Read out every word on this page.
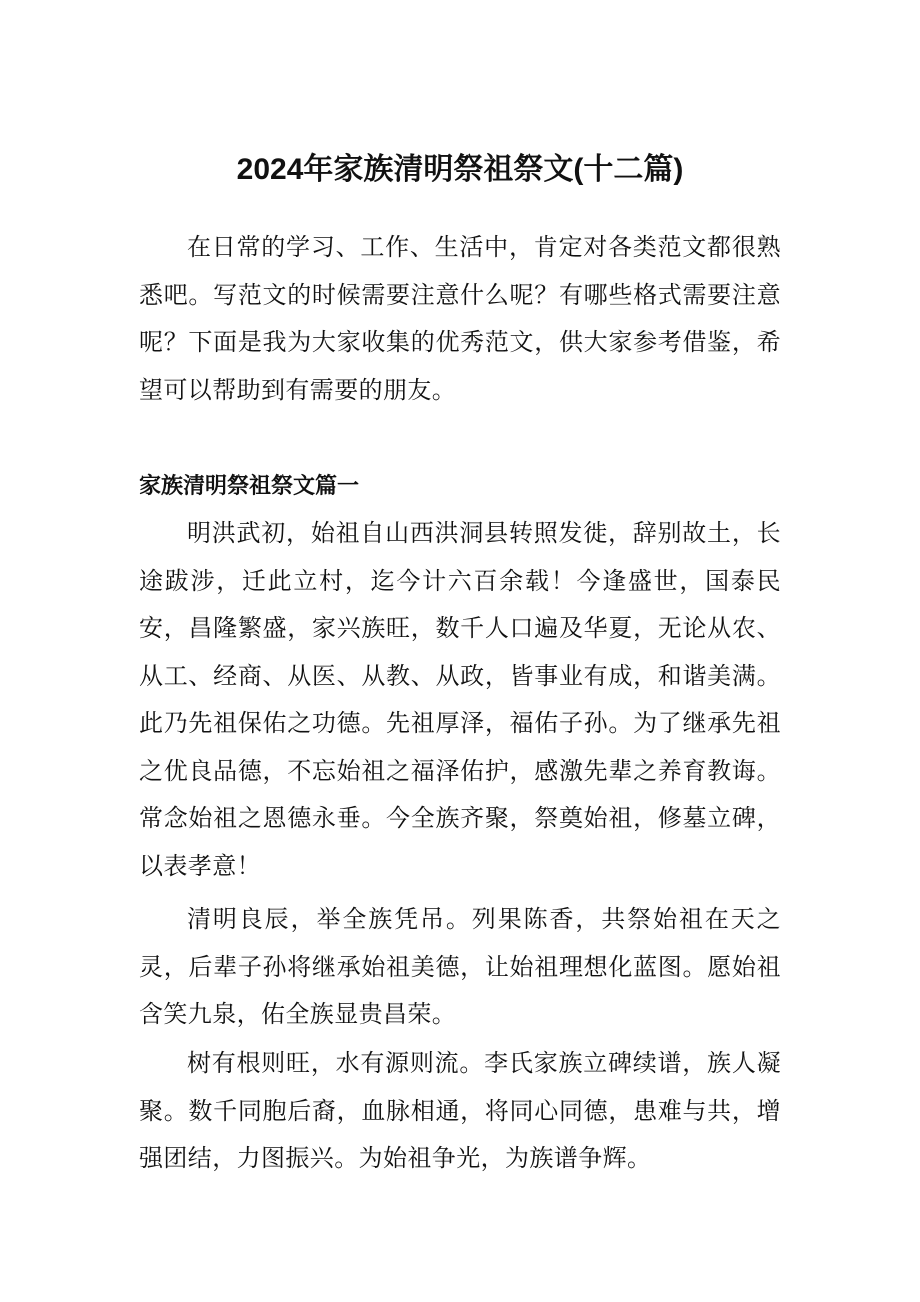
2024年家族清明祭祖祭文(十二篇)

在日常的学习、工作、生活中，肯定对各类范文都很熟悉吧。写范文的时候需要注意什么呢？有哪些格式需要注意呢？下面是我为大家收集的优秀范文，供大家参考借鉴，希望可以帮助到有需要的朋友。

家族清明祭祖祭文篇一

明洪武初，始祖自山西洪洞县转照发徙，辞别故土，长途跋涉，迁此立村，迄今计六百余载！今逢盛世，国泰民安，昌隆繁盛，家兴族旺，数千人口遍及华夏，无论从农、从工、经商、从医、从教、从政，皆事业有成，和谐美满。此乃先祖保佑之功德。先祖厚泽，福佑子孙。为了继承先祖之优良品德，不忘始祖之福泽佑护，感激先辈之养育教诲。常念始祖之恩德永垂。今全族齐聚，祭奠始祖，修墓立碑，以表孝意！

清明良辰，举全族凭吊。列果陈香，共祭始祖在天之灵，后辈子孙将继承始祖美德，让始祖理想化蓝图。愿始祖含笑九泉，佑全族显贵昌荣。

树有根则旺，水有源则流。李氏家族立碑续谱，族人凝聚。数千同胞后裔，血脉相通，将同心同德，患难与共，增强团结，力图振兴。为始祖争光，为族谱争辉。
